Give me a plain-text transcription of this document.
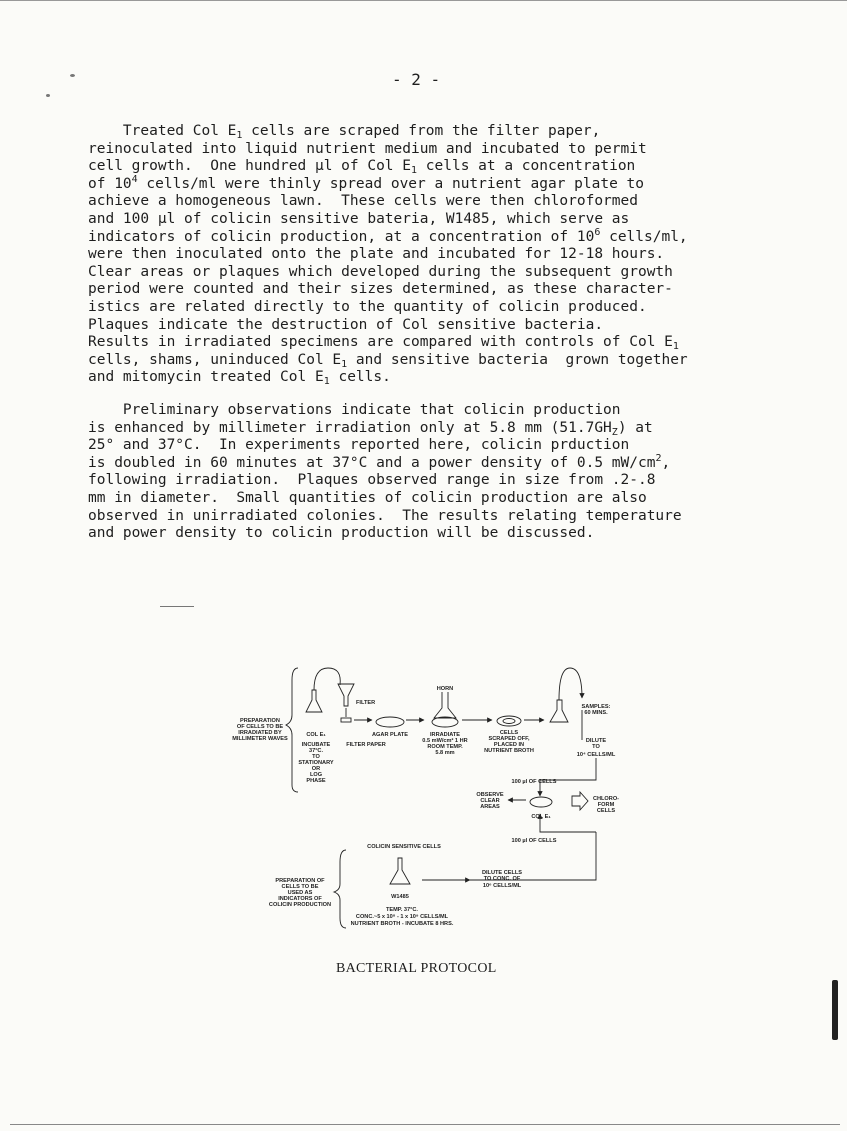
- 2 -

Treated Col $E_1$ cells are scraped from the filter paper,
reinoculated into liquid nutrient medium and incubated to permit
cell growth.  One hundred µl of Col $E_1$ cells at a concentration
of $10^4$ cells/ml were thinly spread over a nutrient agar plate to
achieve a homogeneous lawn.  These cells were then chloroformed
and 100 µl of colicin sensitive bateria, W1485, which serve as
indicators of colicin production, at a concentration of $10^6$ cells/ml,
were then inoculated onto the plate and incubated for 12-18 hours.
Clear areas or plaques which developed during the subsequent growth
period were counted and their sizes determined, as these character-
istics are related directly to the quantity of colicin produced.
Plaques indicate the destruction of Col sensitive bacteria.
Results in irradiated specimens are compared with controls of Col $E_1$
cells, shams, uninduced Col $E_1$ and sensitive bacteria  grown together
and mitomycin treated Col $E_1$ cells.

Preliminary observations indicate that colicin production
is enhanced by millimeter irradiation only at 5.8 mm $(51.7GH_Z)$ at
25° and 37°C.  In experiments reported here, colicin prduction
is doubled in 60 minutes at 37°C and a power density of 0.5 $mW/cm^2$,
following irradiation.  Plaques observed range in size from .2-.8
mm in diameter.  Small quantities of colicin production are also
observed in unirradiated colonies.  The results relating temperature
and power density to colicin production will be discussed.

PREPARATION
OF CELLS TO BE
IRRADIATED BY
MILLIMETER WAVES
COL E₁
INCUBATE
37°C.
TO
STATIONARY
OR
LOG
PHASE
FILTER
FILTER PAPER
AGAR PLATE
HORN
IRRADIATE
0.5 mW/cm² 1 HR
ROOM TEMP.
5.8 mm
CELLS
SCRAPED OFF,
PLACED IN
NUTRIENT BROTH
SAMPLES:
60 MINS.
DILUTE
TO
10⁴ CELLS/ML
100 µl OF CELLS
OBSERVE
CLEAR
AREAS
COL E₁
CHLORO-
FORM
CELLS
100 µl OF CELLS
COLICIN SENSITIVE CELLS
PREPARATION OF
CELLS TO BE
USED AS
INDICATORS OF
COLICIN PRODUCTION
W1485
DILUTE CELLS
TO CONC. OF
10⁶ CELLS/ML
TEMP. 37°C.
CONC.~5 x 10⁸ - 1 x 10⁹ CELLS/ML
NUTRIENT BROTH - INCUBATE 8 HRS.
BACTERIAL PROTOCOL
